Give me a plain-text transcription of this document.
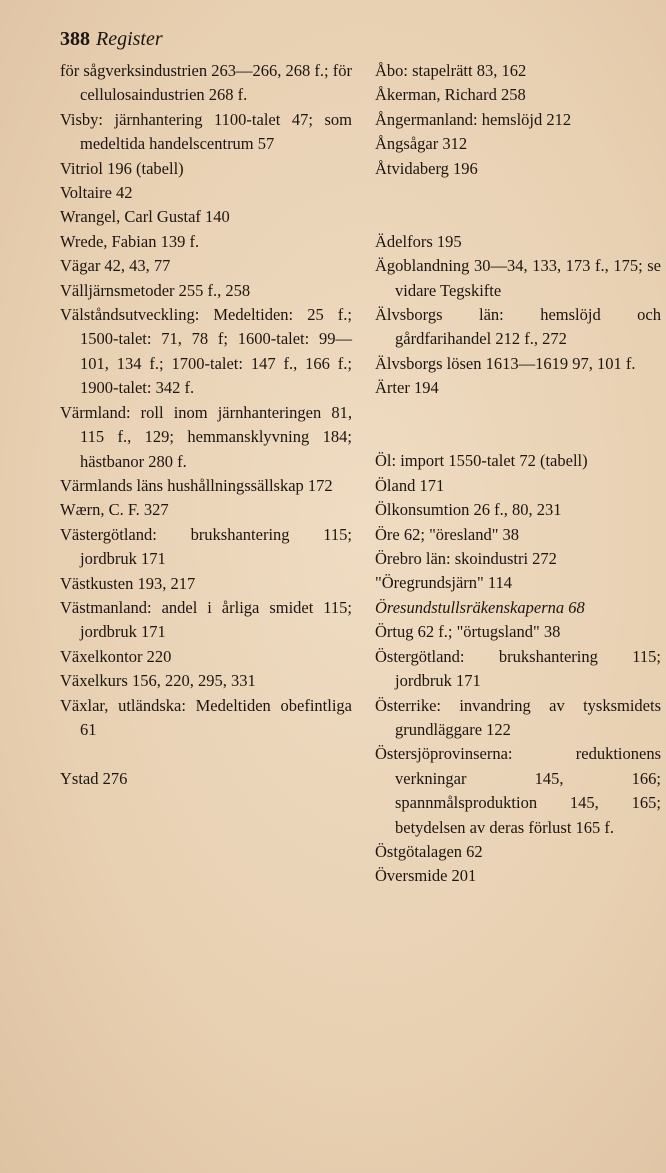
388 Register

för sågverksindustrien 263—266, 268 f.; för cellulosaindustrien 268 f.

Visby: järnhantering 1100-talet 47; som medeltida handelscentrum 57

Vitriol 196 (tabell)

Voltaire 42

Wrangel, Carl Gustaf 140

Wrede, Fabian 139 f.

Vägar 42, 43, 77

Välljärnsmetoder 255 f., 258

Välståndsutveckling: Medeltiden: 25 f.; 1500-talet: 71, 78 f; 1600-talet: 99—101, 134 f.; 1700-talet: 147 f., 166 f.; 1900-talet: 342 f.

Värmland: roll inom järnhanteringen 81, 115 f., 129; hemmansklyvning 184; hästbanor 280 f.

Värmlands läns hushållningssällskap 172

Wærn, C. F. 327

Västergötland: brukshantering 115; jordbruk 171

Västkusten 193, 217

Västmanland: andel i årliga smidet 115; jordbruk 171

Växelkontor 220

Växelkurs 156, 220, 295, 331

Växlar, utländska: Medeltiden obefintliga 61

Ystad 276

Åbo: stapelrätt 83, 162

Åkerman, Richard 258

Ångermanland: hemslöjd 212

Ångsågar 312

Åtvidaberg 196

Ädelfors 195

Ägoblandning 30—34, 133, 173 f., 175; se vidare Tegskifte

Älvsborgs län: hemslöjd och gårdfarihandel 212 f., 272

Älvsborgs lösen 1613—1619 97, 101 f.

Ärter 194

Öl: import 1550-talet 72 (tabell)

Öland 171

Ölkonsumtion 26 f., 80, 231

Öre 62; "öresland" 38

Örebro län: skoindustri 272

"Öregrundsjärn" 114

Öresundstullsräkenskaperna 68

Örtug 62 f.; "örtugsland" 38

Östergötland: brukshantering 115; jordbruk 171

Österrike: invandring av tysksmidets grundläggare 122

Östersjöprovinserna: reduktionens verkningar 145, 166; spannmålsproduktion 145, 165; betydelsen av deras förlust 165 f.

Östgötalagen 62

Översmide 201
